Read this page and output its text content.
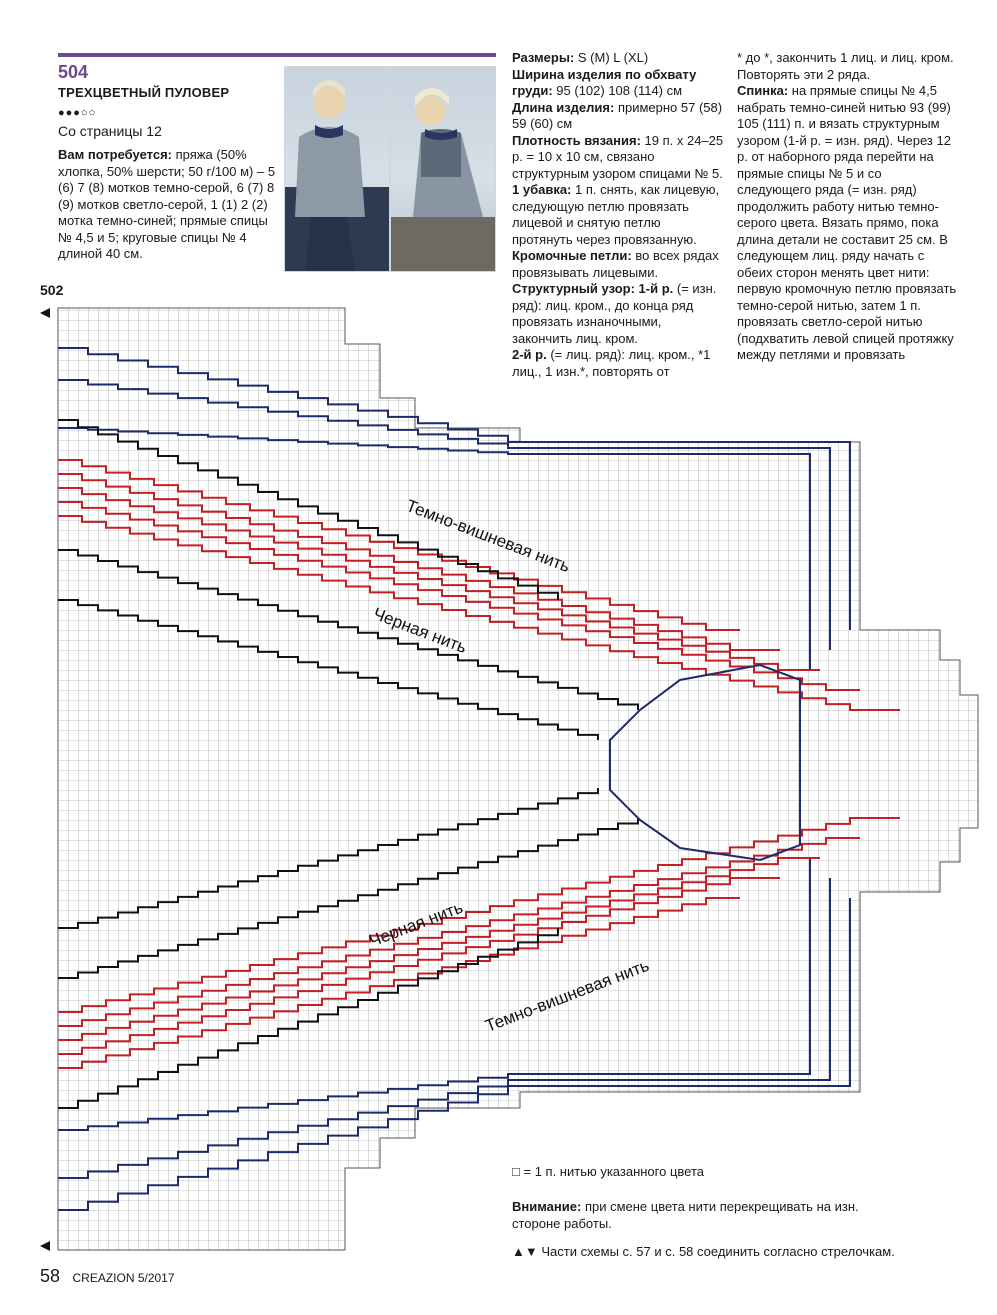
504
ТРЕХЦВЕТНЫЙ ПУЛОВЕР
●●●○○
Со страницы 12

Вам потребуется: пряжа (50% хлопка, 50% шерсти; 50 г/100 м) – 5 (6) 7 (8) мотков темно-серой, 6 (7) 8 (9) мотков светло-серой, 1 (1) 2 (2) мотка темно-синей; прямые спицы № 4,5 и 5; круговые спицы № 4 длиной 40 см.

Размеры: S (M) L (XL)

Ширина изделия по обхвату груди: 95 (102) 108 (114) см

Длина изделия: примерно 57 (58) 59 (60) см

Плотность вязания: 19 п. х 24–25 р. = 10 х 10 см, связано структурным узором спицами № 5.

1 убавка: 1 п. снять, как лицевую, следующую петлю провязать лицевой и снятую петлю протянуть через провязанную.

Кромочные петли: во всех рядах провязывать лицевыми.

Структурный узор: 1-й р. (= изн. ряд): лиц. кром., до конца ряд провязать изнаночными, закончить лиц. кром.

2-й р. (= лиц. ряд): лиц. кром., *1 лиц., 1 изн.*, повторять от

* до *, закончить 1 лиц. и лиц. кром. Повторять эти 2 ряда.

Спинка: на прямые спицы № 4,5 набрать темно-синей нитью 93 (99) 105 (111) п. и вязать структурным узором (1-й р. = изн. ряд). Через 12 р. от наборного ряда перейти на прямые спицы № 5 и со следующего ряда (= изн. ряд) продолжить работу нитью темно-серого цвета. Вязать прямо, пока длина детали не составит 25 см. В следующем лиц. ряду начать с обеих сторон менять цвет нити: первую кромочную петлю провязать темно-серой нитью, затем 1 п. провязать светло-серой нитью (подхватить левой спицей протяжку между петлями и провязать

502
Темно-вишневая нить
Черная нить
Черная нить
Темно-вишневая нить
□ = 1 п. нитью указанного цвета
Внимание: при смене цвета нити перекрещивать на изн. стороне работы.
▲▼ Части схемы с. 57 и с. 58 соединить согласно стрелочкам.
58 CREAZION 5/2017
